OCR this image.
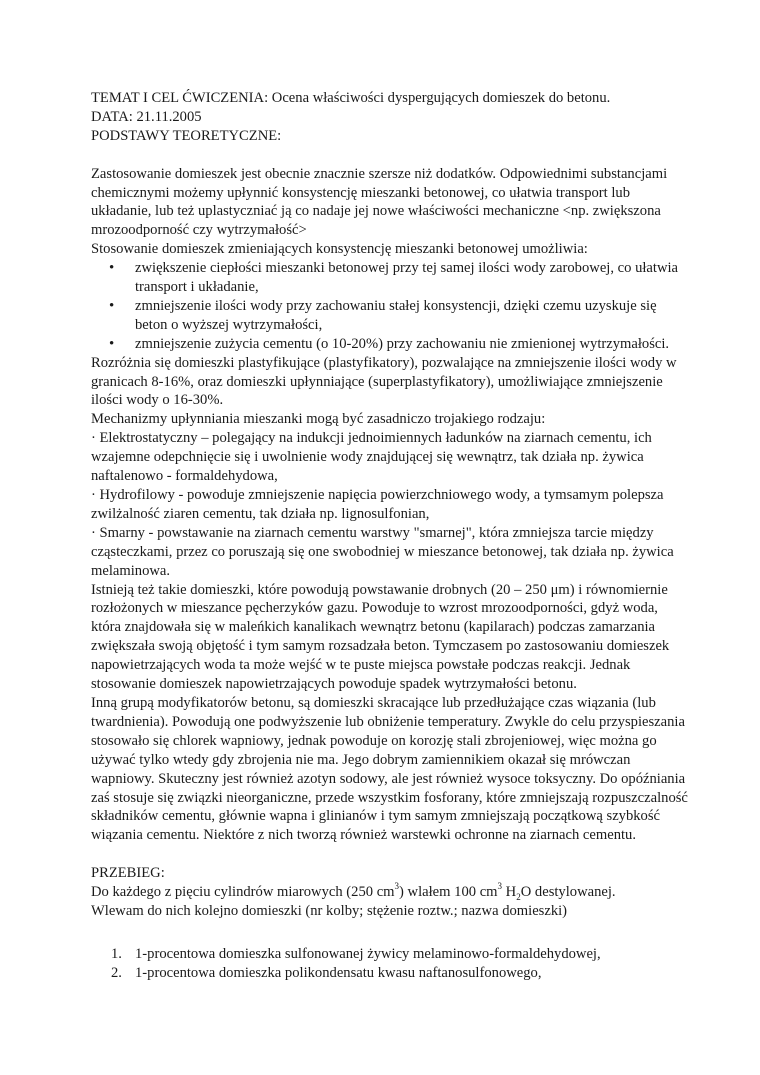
TEMAT I CEL ĆWICZENIA: Ocena właściwości dyspergujących domieszek do betonu.

DATA: 21.11.2005

PODSTAWY TEORETYCZNE:

Zastosowanie domieszek jest obecnie znacznie szersze niż dodatków. Odpowiednimi substancjami chemicznymi możemy upłynnić konsystencję mieszanki betonowej, co ułatwia transport lub układanie, lub też uplastyczniać ją co nadaje jej nowe właściwości mechaniczne <np. zwiększona mrozoodporność czy wytrzymałość>

Stosowanie domieszek zmieniających konsystencję mieszanki betonowej umożliwia:

• zwiększenie ciepłości mieszanki betonowej przy tej samej ilości wody zarobowej, co ułatwia transport i układanie,
• zmniejszenie ilości wody przy zachowaniu stałej konsystencji, dzięki czemu uzyskuje się beton o wyższej wytrzymałości,
• zmniejszenie zużycia cementu (o 10-20%) przy zachowaniu nie zmienionej wytrzymałości.

Rozróżnia się domieszki plastyfikujące (plastyfikatory), pozwalające na zmniejszenie ilości wody w granicach 8-16%, oraz domieszki upłynniające (superplastyfikatory), umożliwiające zmniejszenie ilości wody o 16-30%.

Mechanizmy upłynniania mieszanki mogą być zasadniczo trojakiego rodzaju:

· Elektrostatyczny – polegający na indukcji jednoimiennych ładunków na ziarnach cementu, ich wzajemne odepchnięcie się i uwolnienie wody znajdującej się wewnątrz, tak działa np. żywica naftalenowo - formaldehydowa,

· Hydrofilowy - powoduje zmniejszenie napięcia powierzchniowego wody, a tymsamym polepsza zwilżalność ziaren cementu, tak działa np. lignosulfonian,

· Smarny - powstawanie na ziarnach cementu warstwy "smarnej", która zmniejsza tarcie między cząsteczkami, przez co poruszają się one swobodniej w mieszance betonowej, tak działa np. żywica melaminowa.

Istnieją też takie domieszki, które powodują powstawanie drobnych (20 – 250 μm) i równomiernie rozłożonych w mieszance pęcherzyków gazu. Powoduje to wzrost mrozoodporności, gdyż woda, która znajdowała się w maleńkich kanalikach wewnątrz betonu (kapilarach) podczas zamarzania zwiększała swoją objętość i tym samym rozsadzała beton. Tymczasem po zastosowaniu domieszek napowietrzających woda ta może wejść w te puste miejsca powstałe podczas reakcji. Jednak stosowanie domieszek napowietrzających powoduje spadek wytrzymałości betonu.

Inną grupą modyfikatorów betonu, są domieszki skracające lub przedłużające czas wiązania (lub twardnienia). Powodują one podwyższenie lub obniżenie temperatury. Zwykle do celu przyspieszania stosowało się chlorek wapniowy, jednak powoduje on korozję stali zbrojeniowej, więc można go używać tylko wtedy gdy zbrojenia nie ma. Jego dobrym zamiennikiem okazał się mrówczan wapniowy. Skuteczny jest również azotyn sodowy, ale jest również wysoce toksyczny. Do opóźniania zaś stosuje się związki nieorganiczne, przede wszystkim fosforany, które zmniejszają rozpuszczalność składników cementu, głównie wapna i glinianów i tym samym zmniejszają początkową szybkość wiązania cementu. Niektóre z nich tworzą również warstewki ochronne na ziarnach cementu.

PRZEBIEG:

Do każdego z pięciu cylindrów miarowych (250 $cm^3$) wlałem 100 $cm^3$ $H_2O$ destylowanej.

Wlewam do nich kolejno domieszki (nr kolby; stężenie roztw.; nazwa domieszki)

1. 1-procentowa domieszka sulfonowanej żywicy melaminowo-formaldehydowej,
2. 1-procentowa domieszka polikondensatu kwasu naftanosulfonowego,
